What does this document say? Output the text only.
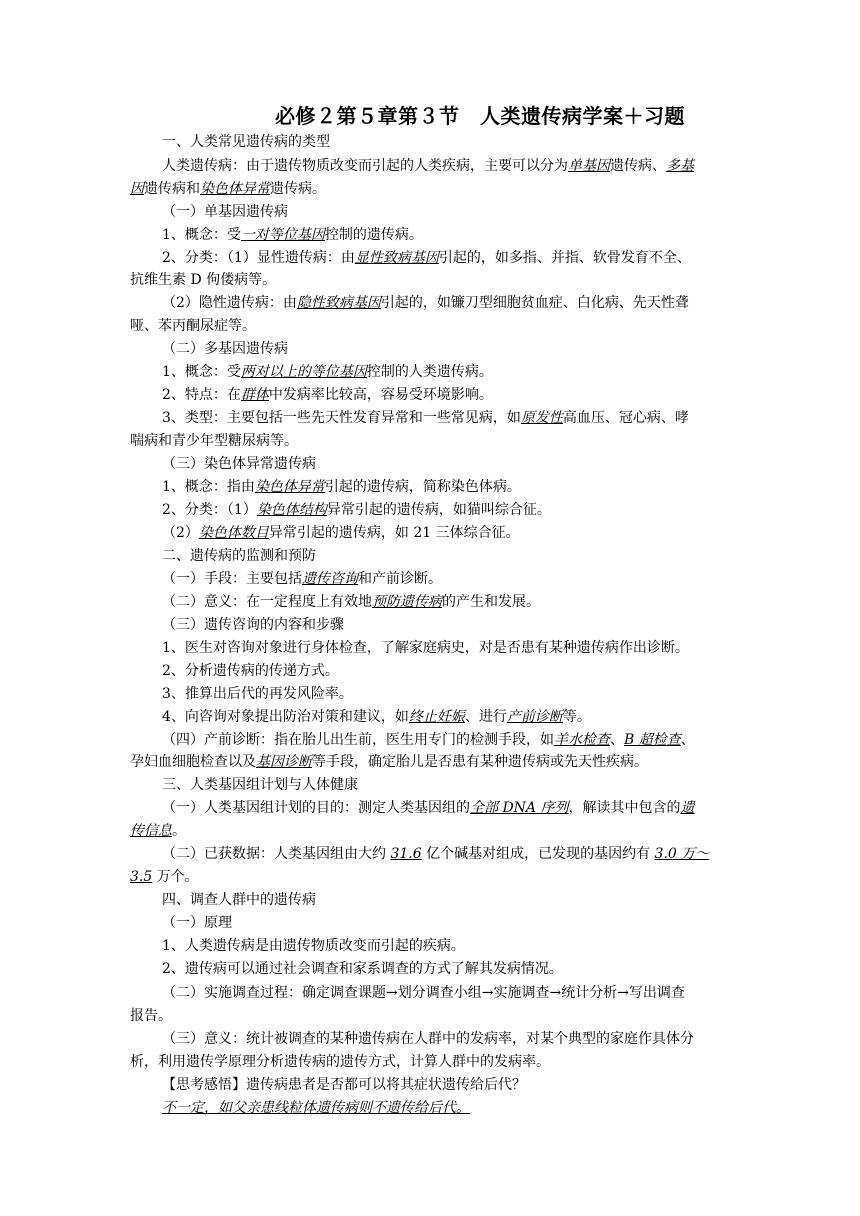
必修２第５章第３节　人类遗传病学案＋习题
一、人类常见遗传病的类型
人类遗传病：由于遗传物质改变而引起的人类疾病，主要可以分为单基因遗传病、多基
因遗传病和染色体异常遗传病。
（一）单基因遗传病
1、概念：受一对等位基因控制的遗传病。
2、分类：（1）显性遗传病：由显性致病基因引起的，如多指、并指、软骨发育不全、
抗维生素 D 佝偻病等。
（2）隐性遗传病：由隐性致病基因引起的，如镰刀型细胞贫血症、白化病、先天性聋
哑、苯丙酮尿症等。
（二）多基因遗传病
1、概念：受两对以上的等位基因控制的人类遗传病。
2、特点：在群体中发病率比较高，容易受环境影响。
3、类型：主要包括一些先天性发育异常和一些常见病，如原发性高血压、冠心病、哮
喘病和青少年型糖尿病等。
（三）染色体异常遗传病
1、概念：指由染色体异常引起的遗传病，简称染色体病。
2、分类：（1）染色体结构异常引起的遗传病，如猫叫综合征。
（2）染色体数目异常引起的遗传病，如 21 三体综合征。
二、遗传病的监测和预防
（一）手段：主要包括遗传咨询和产前诊断。
（二）意义：在一定程度上有效地预防遗传病的产生和发展。
（三）遗传咨询的内容和步骤
1、医生对咨询对象进行身体检查，了解家庭病史，对是否患有某种遗传病作出诊断。
2、分析遗传病的传递方式。
3、推算出后代的再发风险率。
4、向咨询对象提出防治对策和建议，如终止妊娠、进行产前诊断等。
（四）产前诊断：指在胎儿出生前，医生用专门的检测手段，如羊水检查、B 超检查、
孕妇血细胞检查以及基因诊断等手段，确定胎儿是否患有某种遗传病或先天性疾病。
三、人类基因组计划与人体健康
（一）人类基因组计划的目的：测定人类基因组的全部 DNA 序列，解读其中包含的遗
传信息。
（二）已获数据：人类基因组由大约 31.6 亿个碱基对组成，已发现的基因约有 3.0 万～
3.5 万个。
四、调查人群中的遗传病
（一）原理
1、人类遗传病是由遗传物质改变而引起的疾病。
2、遗传病可以通过社会调查和家系调查的方式了解其发病情况。
（二）实施调查过程：确定调查课题→划分调查小组→实施调查→统计分析→写出调查
报告。
（三）意义：统计被调查的某种遗传病在人群中的发病率，对某个典型的家庭作具体分
析，利用遗传学原理分析遗传病的遗传方式，计算人群中的发病率。
【思考感悟】遗传病患者是否都可以将其症状遗传给后代？
不一定，如父亲患线粒体遗传病则不遗传给后代。
